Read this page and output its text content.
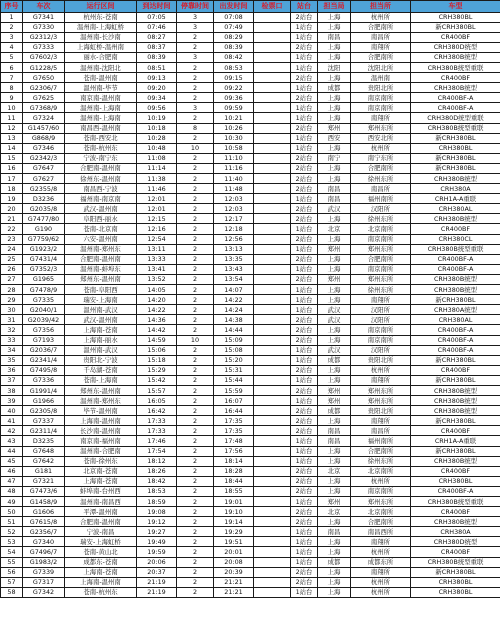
序号	车次	运行区间	到达时间	停靠时间	出发时间	检票口	站台	担当局	担当所	车型
1	G7341	杭州东-苍南	07:05	3	07:08		2站台	上海	杭州所	CRH380BL
2	G7330	温州南-上海虹桥	07:46	3	07:49		1站台	上海	合肥南所	新CRH380BL
3	G2312/3	温州南-长沙南	08:27	2	08:29		1站台	南昌	南昌所	CR400BF
4	G7333	上海虹桥-温州南	08:37	2	08:39		2站台	上海	南翔所	CRH380D统型
5	G7602/3	丽水-合肥南	08:39	3	08:42		1站台	上海	合肥南所	CRH380B统型
6	G1228/5	温州南-沈阳北	08:51	2	08:53		1站台	沈阳	沈阳北所	CRH380B统型重联
7	G7650	苍南-温州南	09:13	2	09:15		2站台	上海	温州南	CR400BF
8	G2306/7	温州南-毕节	09:20	2	09:22		1站台	成都	贵阳北所	CRH380B统型
9	G7625	南京南-温州南	09:34	2	09:36		2站台	上海	南京南所	CR400BF-A
10	G7368/9	温州南-上海南	09:56	3	09:59		1站台	上海	南京南所	CR400BF-A
11	G7324	温州南-上海南	10:19	2	10:21		1站台	上海	南翔所	CRH380D统型重联
12	G1457/60	南昌西-温州南	10:18	8	10:26		2站台	郑州	郑州东所	CRH380B统型重联
13	G868/9	苍南-西安北	10:28	2	10:30		1站台	西安	西安北所	新CRH380BL
14	G7346	苍南-杭州东	10:48	10	10:58		1站台	上海	杭州所	CRH380BL
15	G2342/3	宁波-南宁东	11:08	2	11:10		2站台	南宁	南宁东所	新CRH380BL
16	G7647	合肥南-温州南	11:14	2	11:16		2站台	上海	合肥南所	新CRH380BL
17	G7627	徐州东-温州南	11:38	2	11:40		2站台	上海	徐州东所	CRH380B统型
18	G2355/8	南昌西-宁波	11:46	2	11:48		2站台	南昌	南昌所	CRH380A
19	D3236	福州南-南京南	12:01	2	12:03		1站台	南昌	福州南所	CRH1A-A重联
20	G2035/8	武汉-温州南	12:01	2	12:03		2站台	武汉	汉阳所	CRH380AL
21	G7477/80	阜阳西-丽水	12:15	2	12:17		2站台	上海	徐州东所	CRH380B统型
22	G190	苍南-北京南	12:16	2	12:18		1站台	北京	北京南所	CR400BF
23	G7759/62	六安-温州南	12:54	2	12:56		2站台	上海	南京南所	CRH380CL
24	G1923/2	温州南-郑州东	13:11	2	13:13		1站台	郑州	郑州东所	CRH380B统型重联
25	G7431/4	合肥南-温州南	13:33	2	13:35		2站台	上海	合肥南所	CR400BF-A
26	G7352/3	温州南-蚌埠东	13:41	2	13:43		1站台	上海	南京南所	CR400BF-A
27	G1965	郑州东-温州南	13:52	2	13:54		2站台	郑州	郑州东所	CRH380B统型
28	G7478/9	苍南-阜阳西	14:05	2	14:07		1站台	上海	徐州东所	CRH380B统型
29	G7335	瑞安-上海南	14:20	2	14:22		1站台	上海	南翔所	新CRH380BL
30	G2040/1	温州南-武汉	14:22	2	14:24		1站台	武汉	汉阳所	CRH380A统型
31	G2039/42	武汉-温州南	14:36	2	14:38		2站台	武汉	汉阳所	CRH380AL
32	G7356	上海南-苍南	14:42	2	14:44		2站台	上海	南京南所	CR400BF-A
33	G7193	上海南-丽水	14:59	10	15:09		2站台	上海	南京南所	CR400BF-A
34	G2036/7	温州南-武汉	15:06	2	15:08		1站台	武汉	汉阳所	CR400BF-A
35	G2341/4	贵阳北-宁波	15:18	2	15:20		1站台	成都	贵阳北所	新CRH380BL
36	G7495/8	千岛湖-苍南	15:29	2	15:31		2站台	上海	杭州所	CR400BF
37	G7336	苍南-上海南	15:42	2	15:44		1站台	上海	南翔所	新CRH380BL
38	G1991/4	郑州东-温州南	15:57	2	15:59		2站台	郑州	郑州东所	CRH380B统型
39	G1966	温州南-郑州东	16:05	2	16:07		1站台	郑州	郑州东所	CRH380B统型
40	G2305/8	毕节-温州南	16:42	2	16:44		2站台	成都	贵阳北所	CRH380B统型
41	G7337	上海南-温州南	17:33	2	17:35		2站台	上海	南翔所	新CRH380BL
42	G2311/4	长沙南-温州南	17:33	2	17:35		2站台	南昌	南昌所	CR400BF
43	D3235	南京南-福州南	17:46	2	17:48		1站台	南昌	福州南所	CRH1A-A重联
44	G7648	温州南-合肥南	17:54	2	17:56		1站台	上海	合肥南所	新CRH380BL
45	G7642	苍南-徐州东	18:12	2	18:14		1站台	上海	徐州东所	CRH380B统型
46	G181	北京南-苍南	18:26	2	18:28		2站台	北京	北京南所	CR400BF
47	G7321	上海南-苍南	18:42	2	18:44		2站台	上海	杭州所	CRH380BL
48	G7473/6	蚌埠南-台州西	18:53	2	18:55		2站台	上海	南京南所	CR400BF-A
49	G1458/9	温州南-南昌西	18:59	2	19:01		1站台	郑州	郑州东所	CRH380B统型重联
50	G1606	平潭-温州南	19:08	2	19:10		2站台	北京	北京南所	CR400BF
51	G7615/8	合肥南-温州南	19:12	2	19:14		2站台	上海	合肥南所	CRH380B统型
52	G2356/7	宁波-南昌	19:27	2	19:29		1站台	南昌	南昌西所	CRH380A
53	G7340	瑞安-上海虹桥	19:49	2	19:51		1站台	上海	南翔所	CRH380D统型
54	G7496/7	苍南-黄山北	19:59	2	20:01		1站台	上海	杭州所	CR400BF
55	G1983/2	成都东-苍南	20:06	2	20:08		1站台	成都	成都东所	CRH380B统型重联
56	G7339	上海南-苍南	20:37	2	20:39		2站台	上海	南翔所	新CRH380BL
57	G7317	上海南-温州南	21:19	2	21:21		2站台	上海	杭州所	CRH380BL
58	G7342	苍南-杭州东	21:19	2	21:21		1站台	上海	杭州所	CRH380BL
